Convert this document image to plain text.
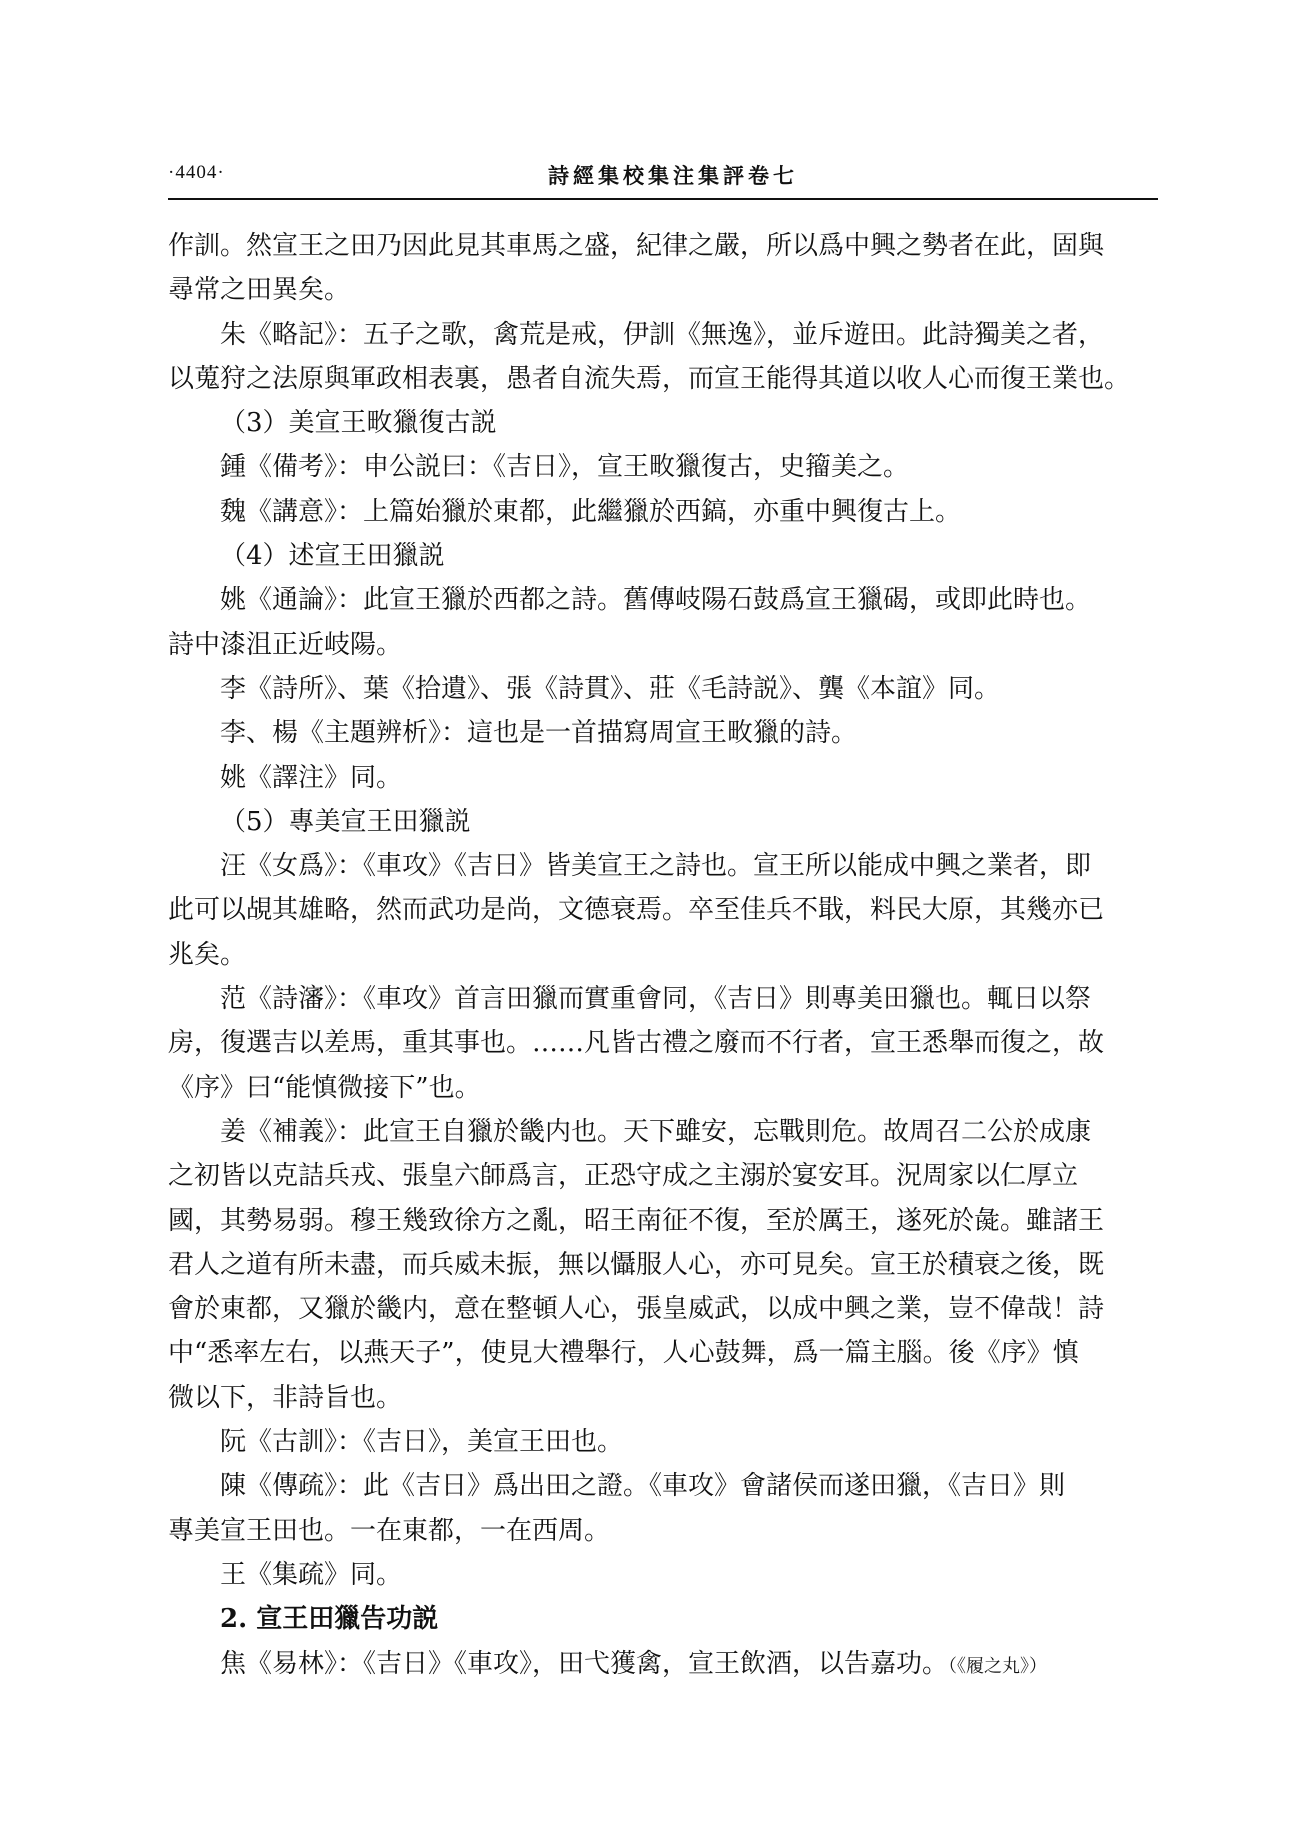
·4404·	詩經集校集注集評卷七
作訓。然宣王之田乃因此見其車馬之盛，紀律之嚴，所以爲中興之勢者在此，固與
尋常之田異矣。
朱《略記》：五子之歌，禽荒是戒，伊訓《無逸》，並斥遊田。此詩獨美之者，
以蒐狩之法原與軍政相表裏，愚者自流失焉，而宣王能得其道以收人心而復王業也。
（3）美宣王畋獵復古説
鍾《備考》：申公説曰：《吉日》，宣王畋獵復古，史籀美之。
魏《講意》：上篇始獵於東都，此繼獵於西鎬，亦重中興復古上。
（4）述宣王田獵説
姚《通論》：此宣王獵於西都之詩。舊傳岐陽石鼓爲宣王獵碣，或即此時也。
詩中漆沮正近岐陽。
李《詩所》、葉《拾遺》、張《詩貫》、莊《毛詩説》、龔《本誼》同。
李、楊《主題辨析》：這也是一首描寫周宣王畋獵的詩。
姚《譯注》同。
（5）專美宣王田獵説
汪《女爲》：《車攻》《吉日》皆美宣王之詩也。宣王所以能成中興之業者，即
此可以覘其雄略，然而武功是尚，文德衰焉。卒至佳兵不戢，料民大原，其幾亦已
兆矣。
范《詩瀋》：《車攻》首言田獵而實重會同，《吉日》則專美田獵也。輒日以祭
房，復選吉以差馬，重其事也。……凡皆古禮之廢而不行者，宣王悉舉而復之，故
《序》曰“能慎微接下”也。
姜《補義》：此宣王自獵於畿内也。天下雖安，忘戰則危。故周召二公於成康
之初皆以克詰兵戎、張皇六師爲言，正恐守成之主溺於宴安耳。況周家以仁厚立
國，其勢易弱。穆王幾致徐方之亂，昭王南征不復，至於厲王，遂死於彘。雖諸王
君人之道有所未盡，而兵威未振，無以懾服人心，亦可見矣。宣王於積衰之後，既
會於東都，又獵於畿内，意在整頓人心，張皇威武，以成中興之業，豈不偉哉！詩
中“悉率左右，以燕天子”，使見大禮舉行，人心鼓舞，爲一篇主腦。後《序》慎
微以下，非詩旨也。
阮《古訓》：《吉日》，美宣王田也。
陳《傳疏》：此《吉日》爲出田之證。《車攻》會諸侯而遂田獵，《吉日》則
專美宣王田也。一在東都，一在西周。
王《集疏》同。
2. 宣王田獵告功説
焦《易林》：《吉日》《車攻》，田弋獲禽，宣王飲酒，以告嘉功。（《履之丸》）
